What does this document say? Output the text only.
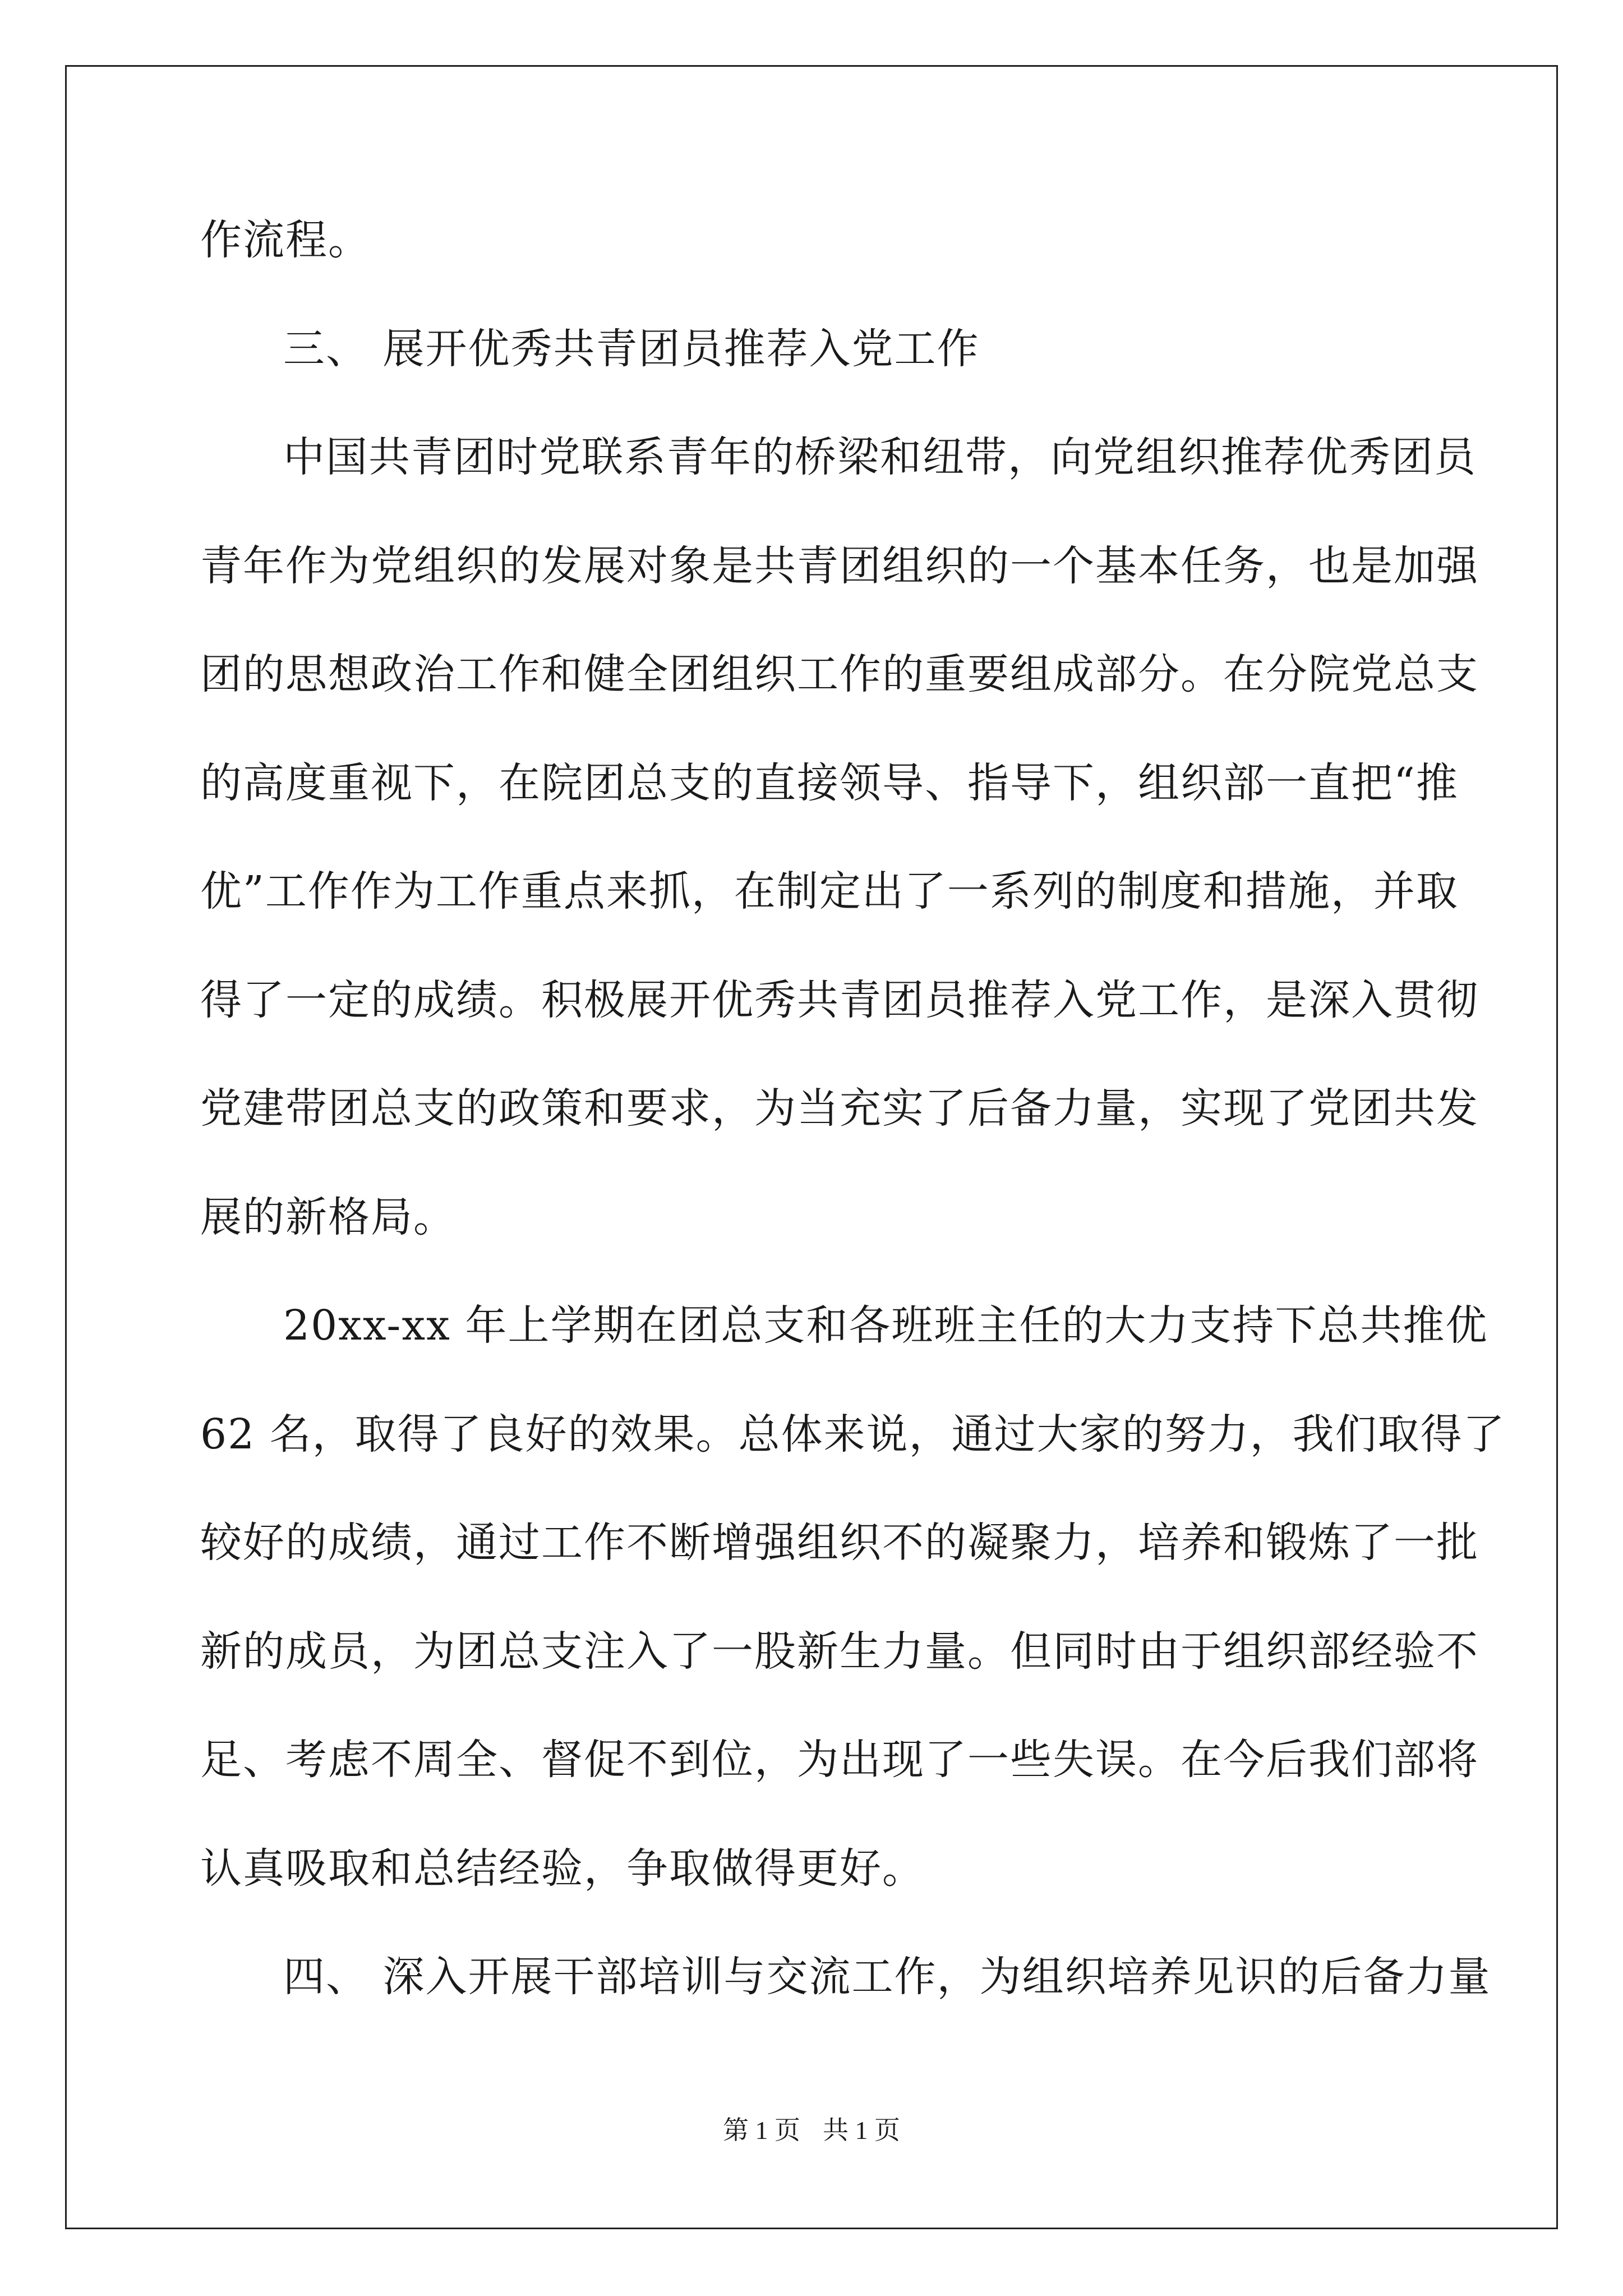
作流程。
三、 展开优秀共青团员推荐入党工作
中国共青团时党联系青年的桥梁和纽带，向党组织推荐优秀团员
青年作为党组织的发展对象是共青团组织的一个基本任务，也是加强
团的思想政治工作和健全团组织工作的重要组成部分。在分院党总支
的高度重视下，在院团总支的直接领导、指导下，组织部一直把“推
优”工作作为工作重点来抓，在制定出了一系列的制度和措施，并取
得了一定的成绩。积极展开优秀共青团员推荐入党工作，是深入贯彻
党建带团总支的政策和要求，为当充实了后备力量，实现了党团共发
展的新格局。
20xx-xx 年上学期在团总支和各班班主任的大力支持下总共推优
62 名，取得了良好的效果。总体来说，通过大家的努力，我们取得了
较好的成绩，通过工作不断增强组织不的凝聚力，培养和锻炼了一批
新的成员，为团总支注入了一股新生力量。但同时由于组织部经验不
足、考虑不周全、督促不到位，为出现了一些失误。在今后我们部将
认真吸取和总结经验，争取做得更好。
四、 深入开展干部培训与交流工作，为组织培养见识的后备力量
第 1 页 共 1 页
